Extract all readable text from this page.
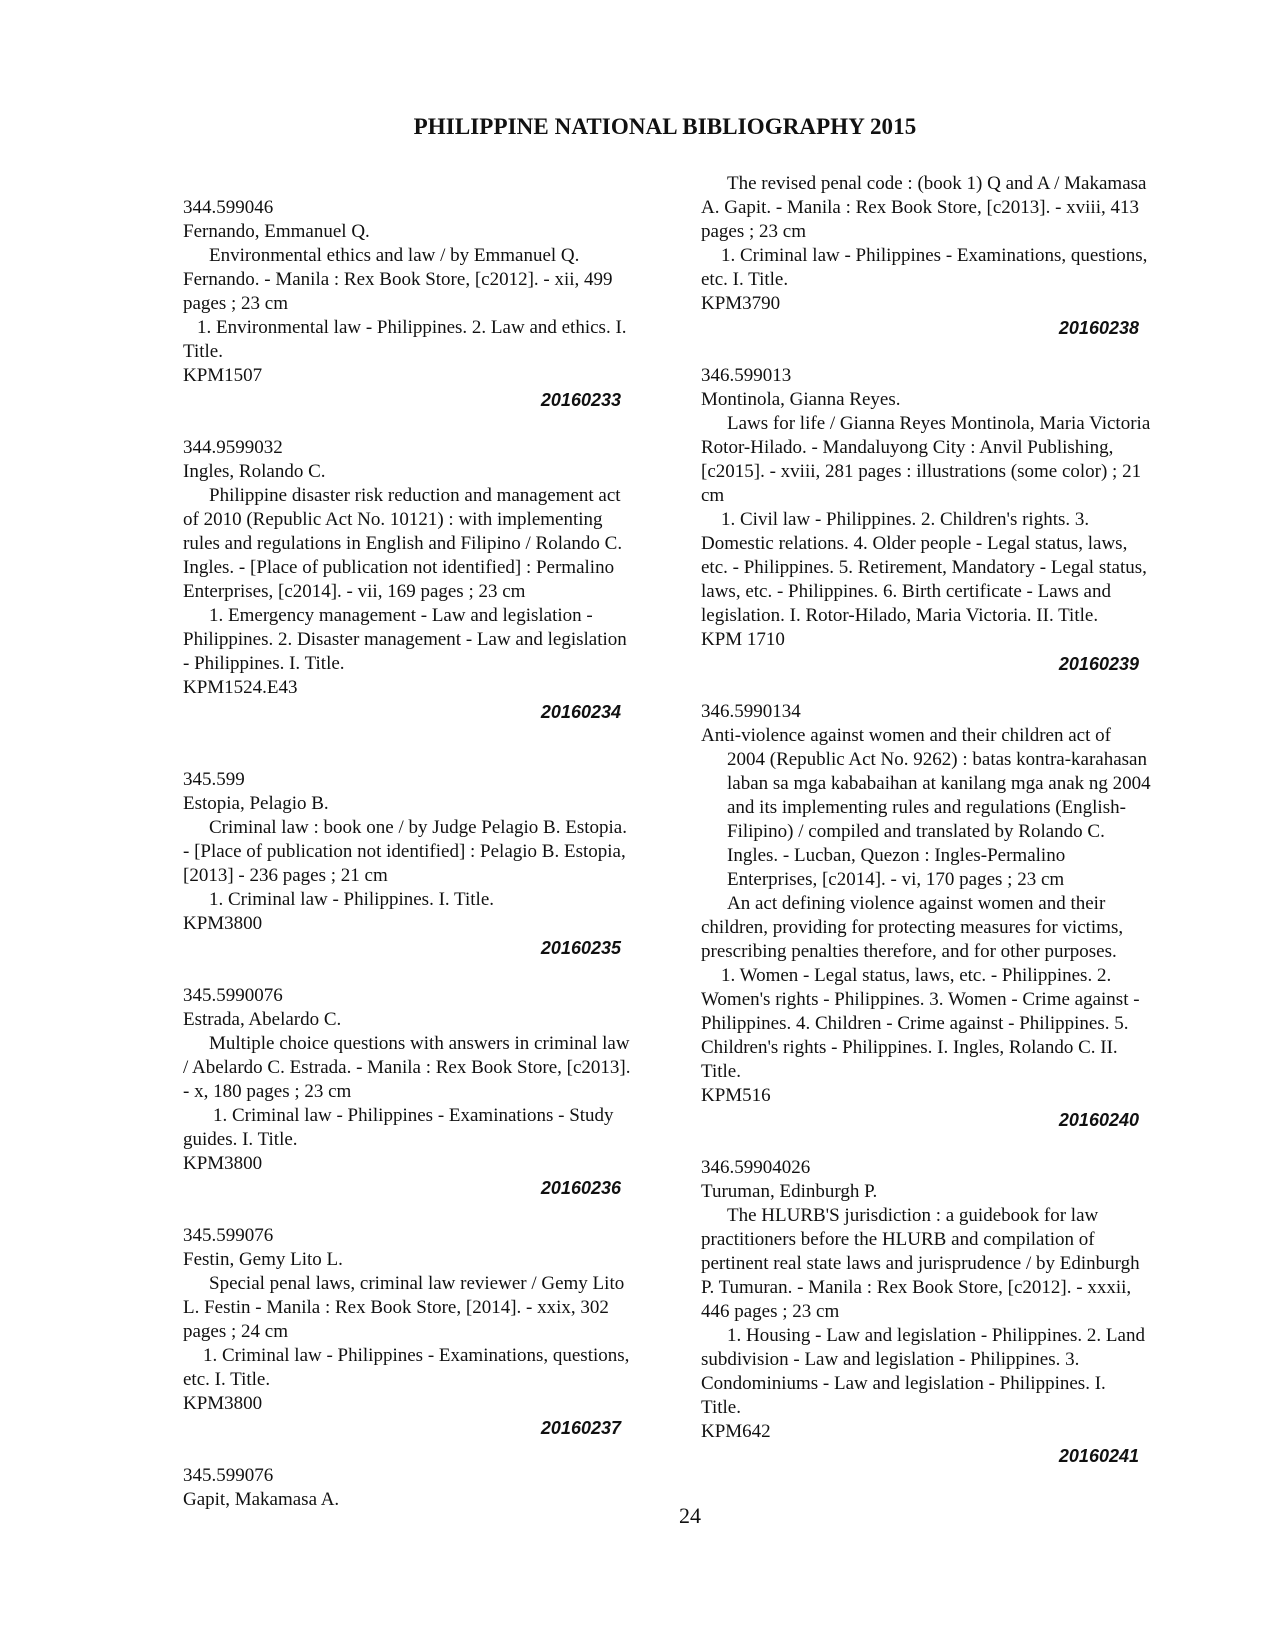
PHILIPPINE NATIONAL BIBLIOGRAPHY 2015
344.599046
Fernando, Emmanuel Q.
Environmental ethics and law / by Emmanuel Q.
Fernando. - Manila : Rex Book Store, [c2012]. - xii, 499
pages ; 23 cm
1. Environmental law - Philippines. 2. Law and ethics. I.
Title.
KPM1507
20160233
344.9599032
Ingles, Rolando C.
Philippine disaster risk reduction and management act
of 2010 (Republic Act No. 10121) : with implementing
rules and regulations in English and Filipino / Rolando C.
Ingles. - [Place of publication not identified] : Permalino
Enterprises, [c2014]. - vii, 169 pages ; 23 cm
1. Emergency management - Law and legislation -
Philippines. 2. Disaster management - Law and legislation
- Philippines. I. Title.
KPM1524.E43
20160234
345.599
Estopia, Pelagio B.
Criminal law : book one / by Judge Pelagio B. Estopia.
- [Place of publication not identified] : Pelagio B. Estopia,
[2013] - 236 pages ; 21 cm
1. Criminal law - Philippines. I. Title.
KPM3800
20160235
345.5990076
Estrada, Abelardo C.
Multiple choice questions with answers in criminal law
/ Abelardo C. Estrada. - Manila : Rex Book Store, [c2013].
- x, 180 pages ; 23 cm
1. Criminal law - Philippines - Examinations - Study
guides. I. Title.
KPM3800
20160236
345.599076
Festin, Gemy Lito L.
Special penal laws, criminal law reviewer / Gemy Lito
L. Festin - Manila : Rex Book Store, [2014]. - xxix, 302
pages ; 24 cm
1. Criminal law - Philippines - Examinations, questions,
etc. I. Title.
KPM3800
20160237
345.599076
Gapit, Makamasa A.
The revised penal code : (book 1) Q and A / Makamasa
A. Gapit. - Manila : Rex Book Store, [c2013]. - xviii, 413
pages ; 23 cm
1. Criminal law - Philippines - Examinations, questions,
etc. I. Title.
KPM3790
20160238
346.599013
Montinola, Gianna Reyes.
Laws for life / Gianna Reyes Montinola, Maria Victoria
Rotor-Hilado. - Mandaluyong City : Anvil Publishing,
[c2015]. - xviii, 281 pages : illustrations (some color) ; 21
cm
1. Civil law - Philippines. 2. Children's rights. 3.
Domestic relations. 4. Older people - Legal status, laws,
etc. - Philippines. 5. Retirement, Mandatory - Legal status,
laws, etc. - Philippines. 6. Birth certificate - Laws and
legislation. I. Rotor-Hilado, Maria Victoria. II. Title.
KPM 1710
20160239
346.5990134
Anti-violence against women and their children act of
2004 (Republic Act No. 9262) : batas kontra-karahasan
laban sa mga kababaihan at kanilang mga anak ng 2004
and its implementing rules and regulations (English-
Filipino) / compiled and translated by Rolando C.
Ingles. - Lucban, Quezon : Ingles-Permalino
Enterprises, [c2014]. - vi, 170 pages ; 23 cm
An act defining violence against women and their
children, providing for protecting measures for victims,
prescribing penalties therefore, and for other purposes.
1. Women - Legal status, laws, etc. - Philippines. 2.
Women's rights - Philippines. 3. Women - Crime against -
Philippines. 4. Children - Crime against - Philippines. 5.
Children's rights - Philippines. I. Ingles, Rolando C. II.
Title.
KPM516
20160240
346.59904026
Turuman, Edinburgh P.
The HLURB'S jurisdiction : a guidebook for law
practitioners before the HLURB and compilation of
pertinent real state laws and jurisprudence / by Edinburgh
P. Tumuran. - Manila : Rex Book Store, [c2012]. - xxxii,
446 pages ; 23 cm
1. Housing - Law and legislation - Philippines. 2. Land
subdivision - Law and legislation - Philippines. 3.
Condominiums - Law and legislation - Philippines. I.
Title.
KPM642
20160241
24
